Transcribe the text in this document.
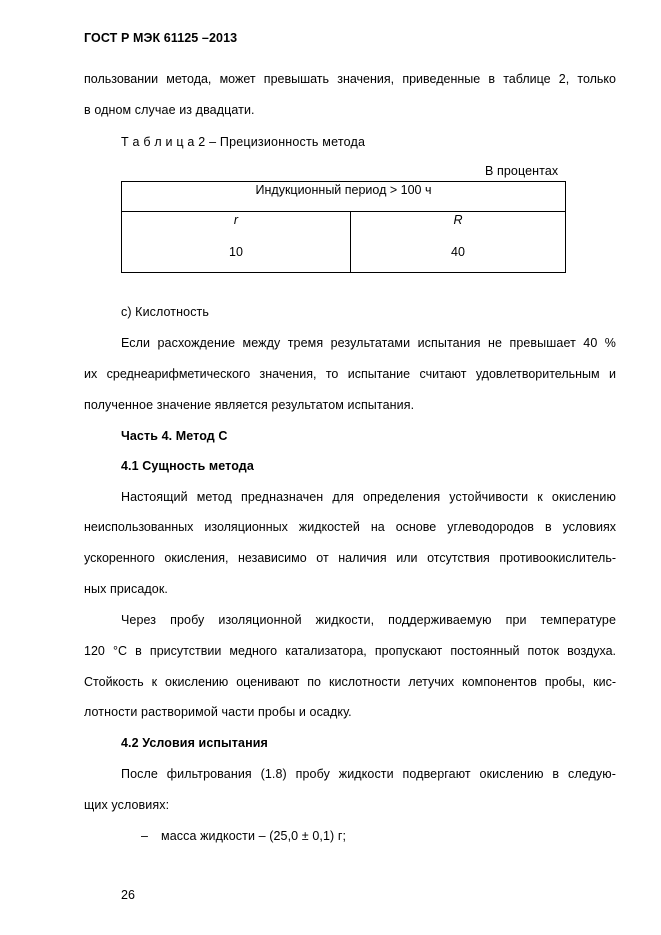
ГОСТ Р МЭК 61125 –2013
пользовании метода, может превышать значения, приведенные в таблице 2, только
в одном случае из двадцати.
Т а б л и ц а 2 – Прецизионность метода
В процентах
Индукционный период > 100 ч
r	R
10	40
с) Кислотность
Если расхождение между тремя результатами испытания не превышает 40 %
их среднеарифметического значения, то испытание считают удовлетворительным и
полученное значение является результатом испытания.
Часть 4. Метод С
4.1 Сущность метода
Настоящий метод предназначен для определения устойчивости к окислению
неиспользованных изоляционных жидкостей на основе углеводородов в условиях
ускоренного окисления, независимо от наличия или отсутствия противоокислитель-
ных присадок.
Через пробу изоляционной жидкости, поддерживаемую при температуре
120 °С в присутствии медного катализатора, пропускают постоянный поток воздуха.
Стойкость к окислению оценивают по кислотности летучих компонентов пробы, кис-
лотности растворимой части пробы и осадку.
4.2 Условия испытания
После фильтрования (1.8) пробу жидкости подвергают окислению в следую-
щих условиях:
– масса жидкости – (25,0 ± 0,1) г;
26
